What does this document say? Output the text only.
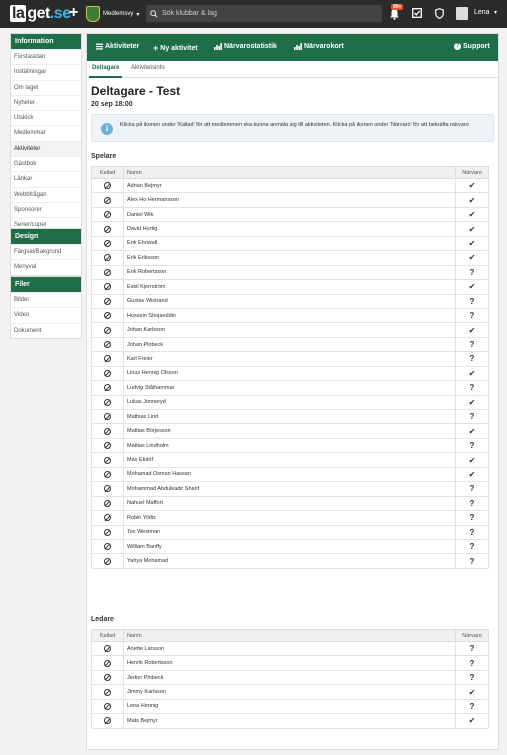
la get.se
+	Medlemsvy ▾	Sök klubbar & lag
99+
Lena ▾
Information
Förstasidan
Inställningar
Om laget
Nyheter
Utskick
Medlemmar
Aktiviteter
Gästbok
Länkar
Webbfrågan
Sponsorer
Serier/cuper
Design
Färgval/Bakgrund
Menyval
Filer
Bilder
Video
Dokument
Aktiviteter + Ny aktivitet	Närvarostatistik	Närvarokort	? Support
Deltagare Aktivitetsinfo
Deltagare - Test
20 sep 18:00
i	Klicka på ikonen under 'Kallad' för att medlemmen ska kunna anmäla sig till aktiviteten. Klicka på ikonen under 'Närvaro' för att bekräfta närvaro
Spelare
Kallad	Namn	Närvaro
	Adrian Bejmyr	✔
	Alex Ho Hermansson	✔
	Daniel Wik	✔
	David Hurtig	✔
	Erik Ehnwall	✔
	Erik Eriksson	✔
	Erik Robertsson	?
	Eskil Kjerrström	✔
	Gustav Wistrand	?
	Hossein Shojaeddin	?
	Johan Karlsson	✔
	Johan Plobeck	?
	Karl Freier	?
	Linus Hennig Olsson	✔
	Ludvig Stålhammar	?
	Lukas Jonneryd	✔
	Mathias Lind	?
	Mattias Börjesson	✔
	Mattias Lindholm	?
	Max Ekdöf	✔
	Mohamad Osman Hassan	✔
	Mohammad Abdulkadir Sharif	?
	Nahuel Maffort	?
	Robin Yildiz	?
	Tex Westman	?
	William Banffy	?
	Yahya Mohamad	?
Ledare
Kallad	Namn	Närvaro
	Anette Larsson	?
	Henrik Robertsson	?
	Jerker Plobeck	?
	Jimmy Karlsson	✔
	Lena Hennig	?
	Mats Bejmyr	✔
